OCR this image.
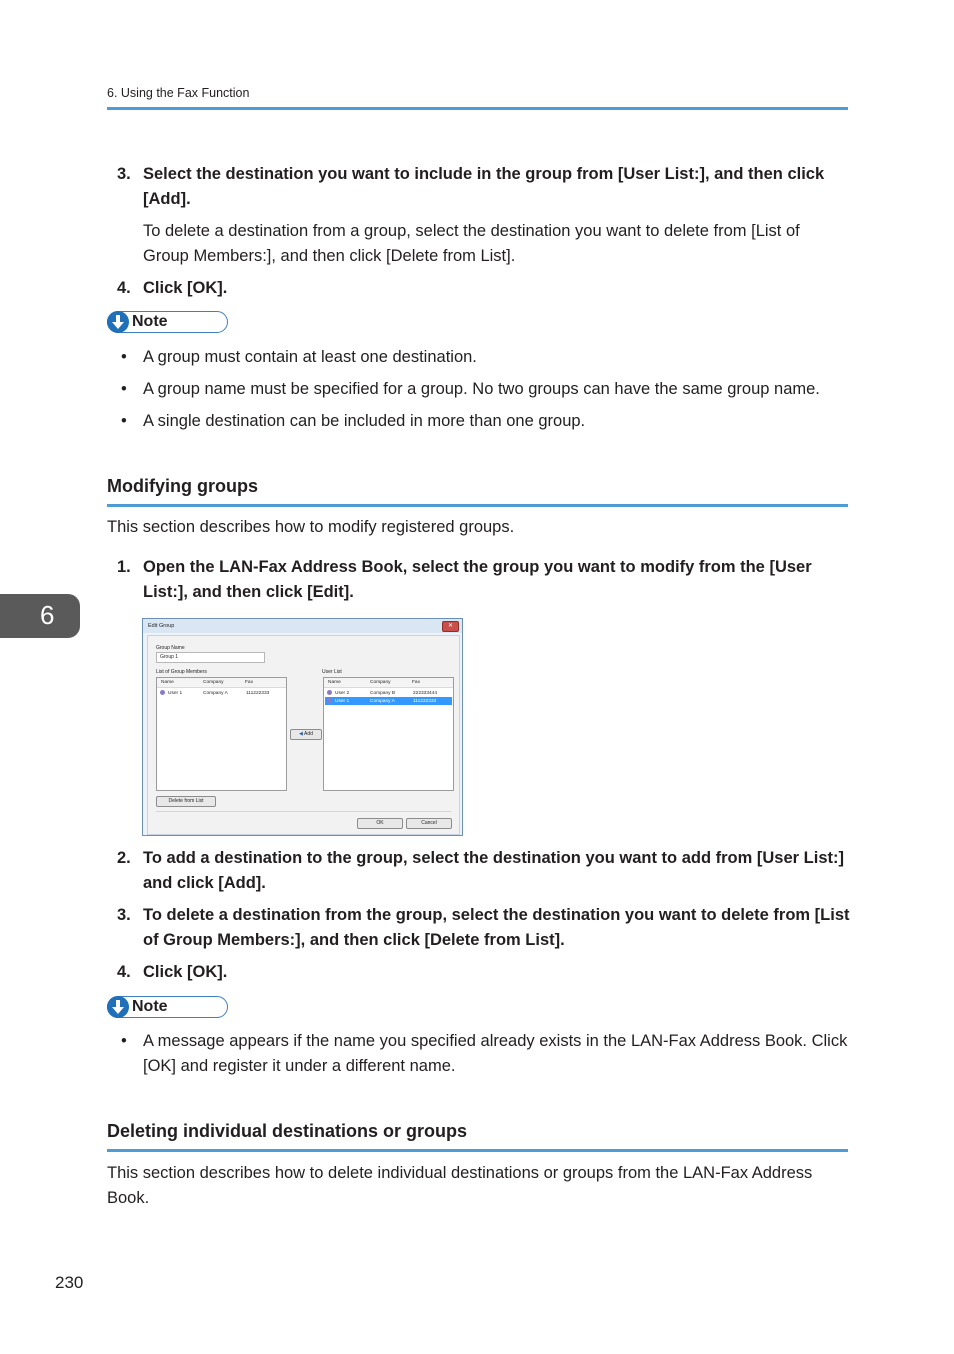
6. Using the Fax Function
3. Select the destination you want to include in the group from [User List:], and then click [Add].
To delete a destination from a group, select the destination you want to delete from [List of Group Members:], and then click [Delete from List].
4. Click [OK].
Note
• A group must contain at least one destination.
• A group name must be specified for a group. No two groups can have the same group name.
• A single destination can be included in more than one group.
Modifying groups
This section describes how to modify registered groups.
1. Open the LAN-Fax Address Book, select the group you want to modify from the [User List:], and then click [Edit].
6	Edit Group	✕
Group Name
Group 1
List of Group Members	User List
Name	Company	Fax
User 1	Company A	111222333
◀ Add
Name	Company	Fax
User 2	Company B	222333444
User 1	Company A	111222333
Delete from List
OK	Cancel
2. To add a destination to the group, select the destination you want to add from [User List:] and click [Add].
3. To delete a destination from the group, select the destination you want to delete from [List of Group Members:], and then click [Delete from List].
4. Click [OK].
Note
• A message appears if the name you specified already exists in the LAN-Fax Address Book. Click [OK] and register it under a different name.
Deleting individual destinations or groups
This section describes how to delete individual destinations or groups from the LAN-Fax Address Book.
230
